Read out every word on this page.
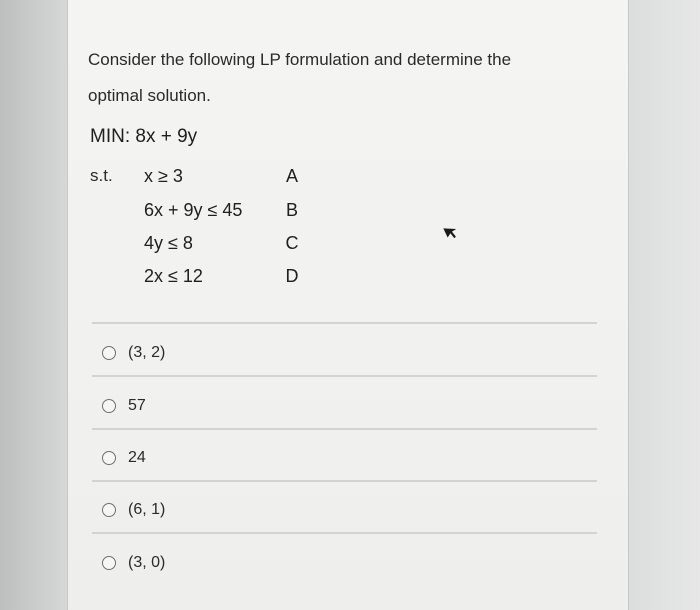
Consider the following LP formulation and determine the optimal solution.
MIN: 8x + 9y
s.t. x ≥ 3	A
6x + 9y ≤ 45 B
4y ≤ 8	C
2x ≤ 12	D
(3, 2)
57
24
(6, 1)
(3, 0)
